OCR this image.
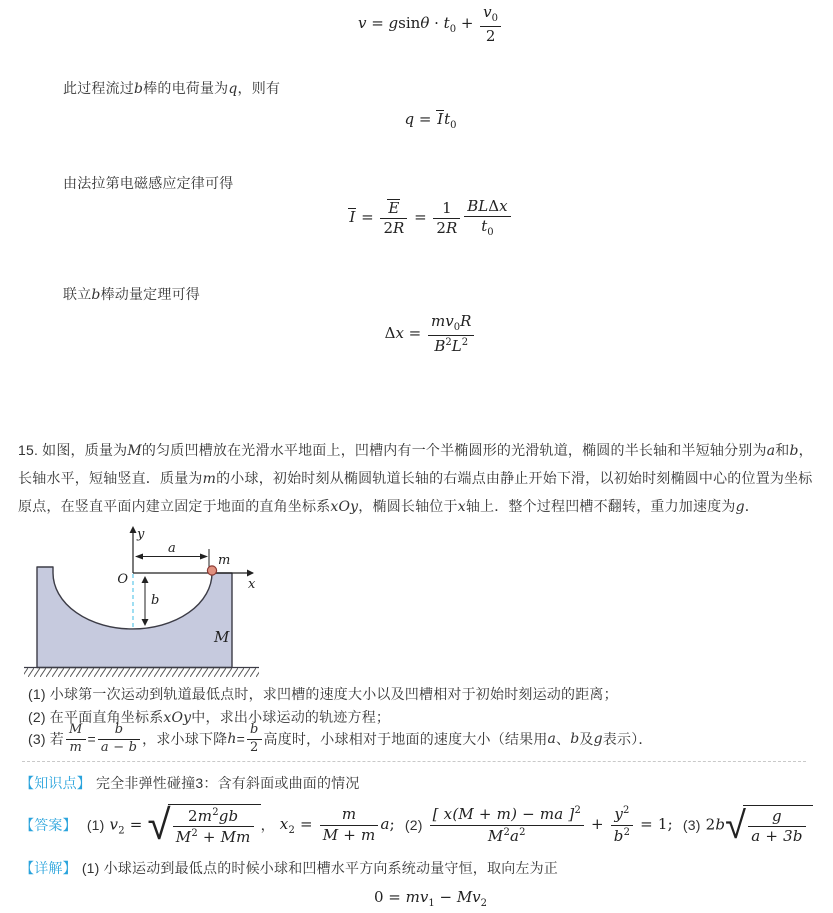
$v = gsin\theta \cdot t_0 + \frac{v_0}{2}$

此过程流过b棒的电荷量为q，则有

$q = It_0$

由法拉第电磁感应定律可得

$I = \frac{E}{2R} = \frac{1}{2R} \frac{\text{BLΔx}}{t_0}$

联立b棒动量定理可得

$\Delta x = \frac{mv_0R}{B^2L^2}$

15. 如图，质量为M的匀质凹槽放在光滑水平地面上，凹槽内有一个半椭圆形的光滑轨道，椭圆的半长轴和半短轴分别为a和b，长轴水平，短轴竖直．质量为m的小球，初始时刻从椭圆轨道长轴的右端点由静止开始下滑，以初始时刻椭圆中心的位置为坐标原点，在竖直平面内建立固定于地面的直角坐标系xOy，椭圆长轴位于x轴上．整个过程凹槽不翻转，重力加速度为g．

y
x
O
a
b
m
M

(1) 小球第一次运动到轨道最低点时，求凹槽的速度大小以及凹槽相对于初始时刻运动的距离；

(2) 在平面直角坐标系xOy中，求出小球运动的轨迹方程；

(3) 若 $\frac{M}{m} = \frac{b}{a - b}$ ，求小球下降 $h = \frac{b}{2}$ 高度时，小球相对于地面的速度大小（结果用 a 、 b 及 g 表示）．
【知识点】 完全非弹性碰撞3：含有斜面或曲面的情况
【答案】 (1) $v_2$ = √ $\frac{2m^2gb}{M^2 + Mm}$ ， $x_2 = \frac{m}{M + m} a$; $(2) \frac{[ x(M + m) - ma ]^2}{M^2a^2} + \frac{y^2}{b^2} = 1$; (3) 2b √ $\frac{g}{a + 3b}$
【详解】 (1) 小球运动到最低点的时候小球和凹槽水平方向系统动量守恒，取向左为正
$0 = mv_1 - Mv_2$
